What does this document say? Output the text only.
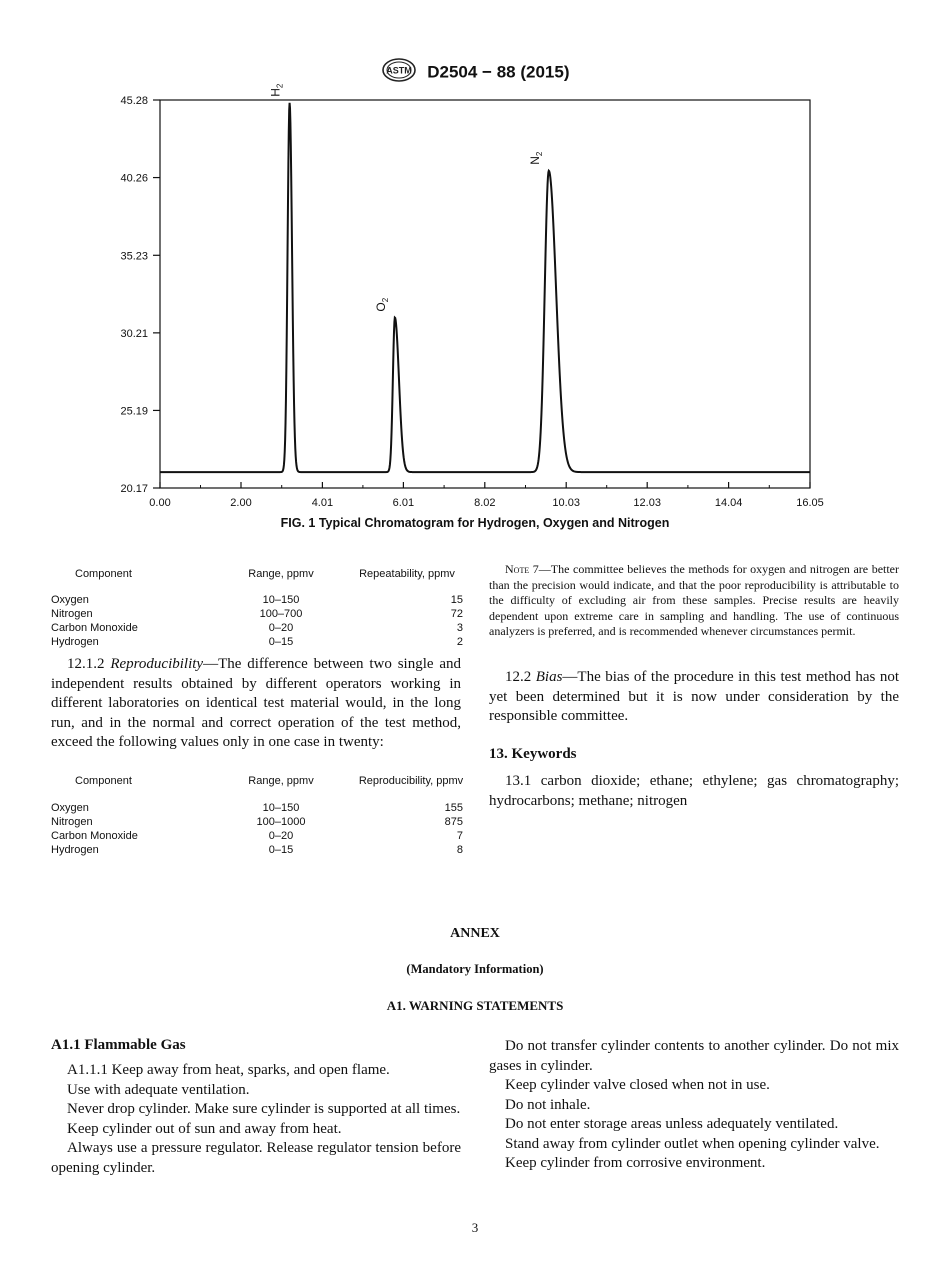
ASTM D2504 − 88 (2015)
20.17
25.19
30.21
35.23
40.26
45.28
0.00	2.00	4.01	6.01	8.02	10.03	12.03	14.04	16.05
$H_2$
$O_2$
$N_2$
FIG. 1 Typical Chromatogram for Hydrogen, Oxygen and Nitrogen
Component	Range, ppmv	Repeatability, ppmv
Oxygen	10–150	15
Nitrogen	100–700	72
Carbon Monoxide	0–20	3
Hydrogen	0–15	2
12.1.2 Reproducibility—The difference between two single and independent results obtained by different operators working in different laboratories on identical test material would, in the long run, and in the normal and correct operation of the test method, exceed the following values only in one case in twenty:
Component	Range, ppmv	Reproducibility, ppmv
Oxygen	10–150	155
Nitrogen	100–1000	875
Carbon Monoxide	0–20	7
Hydrogen	0–15	8
Note 7—The committee believes the methods for oxygen and nitrogen are better than the precision would indicate, and that the poor reproducibility is attributable to the difficulty of excluding air from these samples. Precise results are heavily dependent upon extreme care in sampling and handling. The use of continuous analyzers is preferred, and is recommended whenever circumstances permit.
12.2 Bias—The bias of the procedure in this test method has not yet been determined but it is now under consideration by the responsible committee.
13. Keywords
13.1 carbon dioxide; ethane; ethylene; gas chromatography; hydrocarbons; methane; nitrogen
ANNEX
(Mandatory Information)
A1. WARNING STATEMENTS
A1.1 Flammable Gas
A1.1.1 Keep away from heat, sparks, and open flame.
Use with adequate ventilation.
Never drop cylinder. Make sure cylinder is supported at all times.
Keep cylinder out of sun and away from heat.
Always use a pressure regulator. Release regulator tension before opening cylinder.
Do not transfer cylinder contents to another cylinder. Do not mix gases in cylinder.
Keep cylinder valve closed when not in use.
Do not inhale.
Do not enter storage areas unless adequately ventilated.
Stand away from cylinder outlet when opening cylinder valve.
Keep cylinder from corrosive environment.
3
